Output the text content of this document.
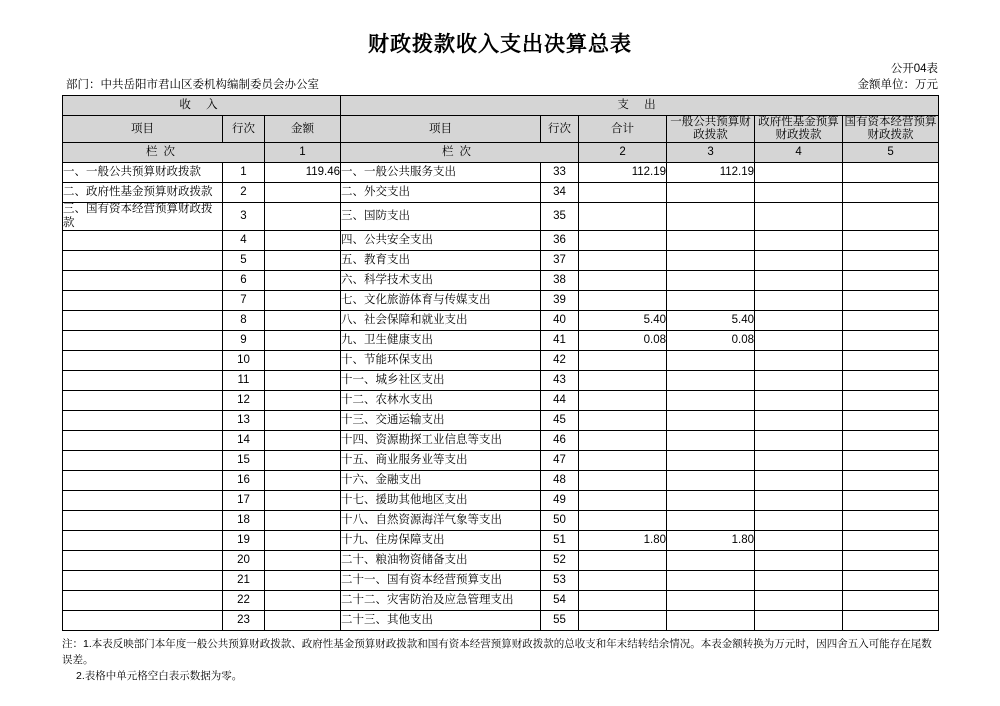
财政拨款收入支出决算总表
公开04表
部门：中共岳阳市君山区委机构编制委员会办公室	金额单位：万元
收 入			支 出					
项目	行次	金额	项目	行次	合计	一般公共预算财政拨款	政府性基金预算财政拨款	国有资本经营预算财政拨款
栏次		1	栏次		2	3	4	5
一、一般公共预算财政拨款	1	119.46	一、一般公共服务支出	33	112.19	112.19		
二、政府性基金预算财政拨款	2		二、外交支出	34				
三、国有资本经营预算财政拨款	3		三、国防支出	35				
	4		四、公共安全支出	36				
	5		五、教育支出	37				
	6		六、科学技术支出	38				
	7		七、文化旅游体育与传媒支出	39				
	8		八、社会保障和就业支出	40	5.40	5.40		
	9		九、卫生健康支出	41	0.08	0.08		
	10		十、节能环保支出	42				
	11		十一、城乡社区支出	43				
	12		十二、农林水支出	44				
	13		十三、交通运输支出	45				
	14		十四、资源勘探工业信息等支出	46				
	15		十五、商业服务业等支出	47				
	16		十六、金融支出	48				
	17		十七、援助其他地区支出	49				
	18		十八、自然资源海洋气象等支出	50				
	19		十九、住房保障支出	51	1.80	1.80		
	20		二十、粮油物资储备支出	52				
	21		二十一、国有资本经营预算支出	53				
	22		二十二、灾害防治及应急管理支出	54				
	23		二十三、其他支出	55				

注：1.本表反映部门本年度一般公共预算财政拨款、政府性基金预算财政拨款和国有资本经营预算财政拨款的总收支和年末结转结余情况。本表金额转换为万元时，因四舍五入可能存在尾数误差。

2.表格中单元格空白表示数据为零。
